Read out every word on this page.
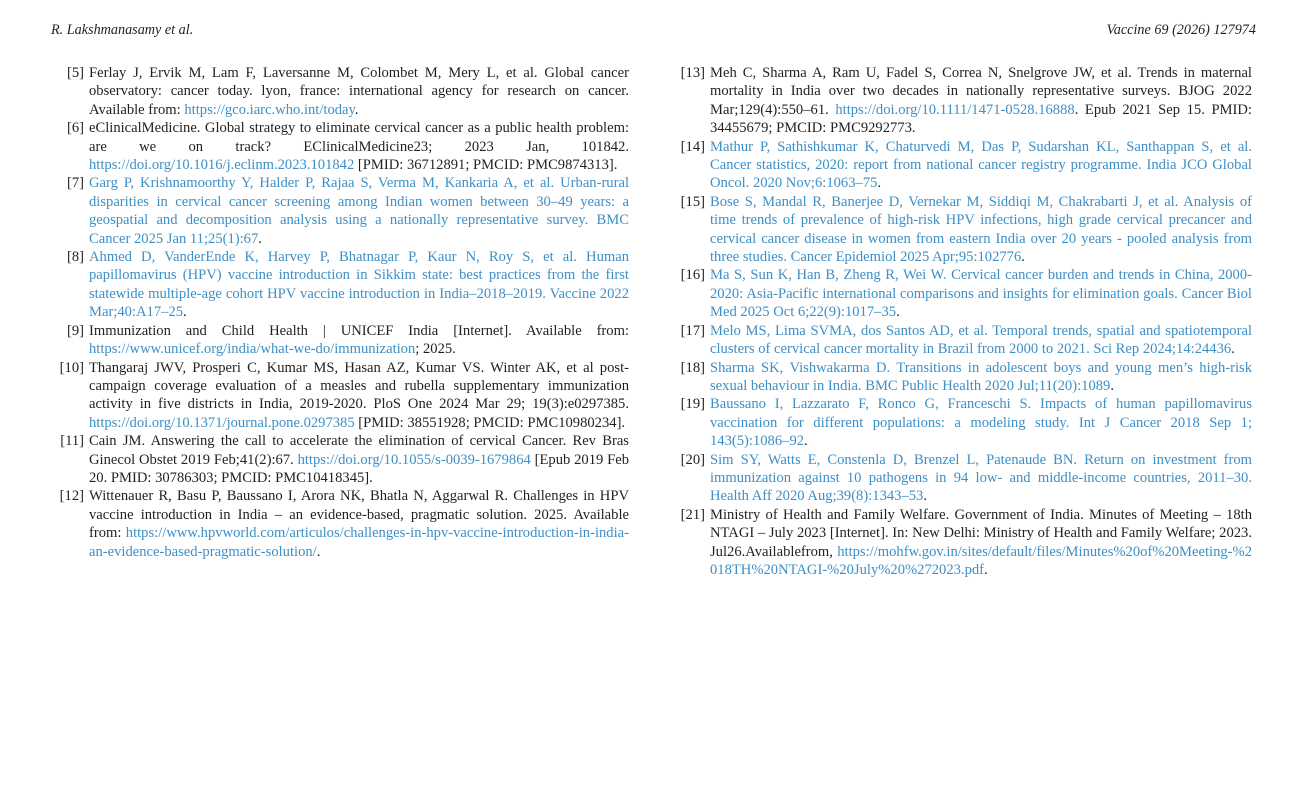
R. Lakshmanasamy et al.	Vaccine 69 (2026) 127974
[5] Ferlay J, Ervik M, Lam F, Laversanne M, Colombet M, Mery L, et al. Global cancer observatory: cancer today. lyon, france: international agency for research on cancer. Available from: https://gco.iarc.who.int/today.
[6] eClinicalMedicine. Global strategy to eliminate cervical cancer as a public health problem: are we on track? EClinicalMedicine23; 2023 Jan, 101842. https://doi.org/10.1016/j.eclinm.2023.101842 [PMID: 36712891; PMCID: PMC9874313].
[7] Garg P, Krishnamoorthy Y, Halder P, Rajaa S, Verma M, Kankaria A, et al. Urban-rural disparities in cervical cancer screening among Indian women between 30–49 years: a geospatial and decomposition analysis using a nationally representative survey. BMC Cancer 2025 Jan 11;25(1):67.
[8] Ahmed D, VanderEnde K, Harvey P, Bhatnagar P, Kaur N, Roy S, et al. Human papillomavirus (HPV) vaccine introduction in Sikkim state: best practices from the first statewide multiple-age cohort HPV vaccine introduction in India–2018–2019. Vaccine 2022 Mar;40:A17–25.
[9] Immunization and Child Health | UNICEF India [Internet]. Available from: https://www.unicef.org/india/what-we-do/immunization; 2025.
[10] Thangaraj JWV, Prosperi C, Kumar MS, Hasan AZ, Kumar VS. Winter AK, et al post-campaign coverage evaluation of a measles and rubella supplementary immunization activity in five districts in India, 2019-2020. PloS One 2024 Mar 29; 19(3):e0297385. https://doi.org/10.1371/journal.pone.0297385 [PMID: 38551928; PMCID: PMC10980234].
[11] Cain JM. Answering the call to accelerate the elimination of cervical Cancer. Rev Bras Ginecol Obstet 2019 Feb;41(2):67. https://doi.org/10.1055/s-0039-1679864 [Epub 2019 Feb 20. PMID: 30786303; PMCID: PMC10418345].
[12] Wittenauer R, Basu P, Baussano I, Arora NK, Bhatla N, Aggarwal R. Challenges in HPV vaccine introduction in India – an evidence-based, pragmatic solution. 2025. Available from: https://www.hpvworld.com/articulos/challenges-in-hpv-vaccine-introduction-in-india-an-evidence-based-pragmatic-solution/.
[13] Meh C, Sharma A, Ram U, Fadel S, Correa N, Snelgrove JW, et al. Trends in maternal mortality in India over two decades in nationally representative surveys. BJOG 2022 Mar;129(4):550–61. https://doi.org/10.1111/1471-0528.16888. Epub 2021 Sep 15. PMID: 34455679; PMCID: PMC9292773.
[14] Mathur P, Sathishkumar K, Chaturvedi M, Das P, Sudarshan KL, Santhappan S, et al. Cancer statistics, 2020: report from national cancer registry programme. India JCO Global Oncol. 2020 Nov;6:1063–75.
[15] Bose S, Mandal R, Banerjee D, Vernekar M, Siddiqi M, Chakrabarti J, et al. Analysis of time trends of prevalence of high-risk HPV infections, high grade cervical precancer and cervical cancer disease in women from eastern India over 20 years - pooled analysis from three studies. Cancer Epidemiol 2025 Apr;95:102776.
[16] Ma S, Sun K, Han B, Zheng R, Wei W. Cervical cancer burden and trends in China, 2000-2020: Asia-Pacific international comparisons and insights for elimination goals. Cancer Biol Med 2025 Oct 6;22(9):1017–35.
[17] Melo MS, Lima SVMA, dos Santos AD, et al. Temporal trends, spatial and spatiotemporal clusters of cervical cancer mortality in Brazil from 2000 to 2021. Sci Rep 2024;14:24436.
[18] Sharma SK, Vishwakarma D. Transitions in adolescent boys and young men’s high-risk sexual behaviour in India. BMC Public Health 2020 Jul;11(20):1089.
[19] Baussano I, Lazzarato F, Ronco G, Franceschi S. Impacts of human papillomavirus vaccination for different populations: a modeling study. Int J Cancer 2018 Sep 1; 143(5):1086–92.
[20] Sim SY, Watts E, Constenla D, Brenzel L, Patenaude BN. Return on investment from immunization against 10 pathogens in 94 low- and middle-income countries, 2011–30. Health Aff 2020 Aug;39(8):1343–53.
[21] Ministry of Health and Family Welfare. Government of India. Minutes of Meeting – 18th NTAGI – July 2023 [Internet]. In: New Delhi: Ministry of Health and Family Welfare; 2023. Jul26.Availablefrom, https://mohfw.gov.in/sites/default/files/Minutes%20of%20Meeting-%2018TH%20NTAGI-%20July%20%272023.pdf.
